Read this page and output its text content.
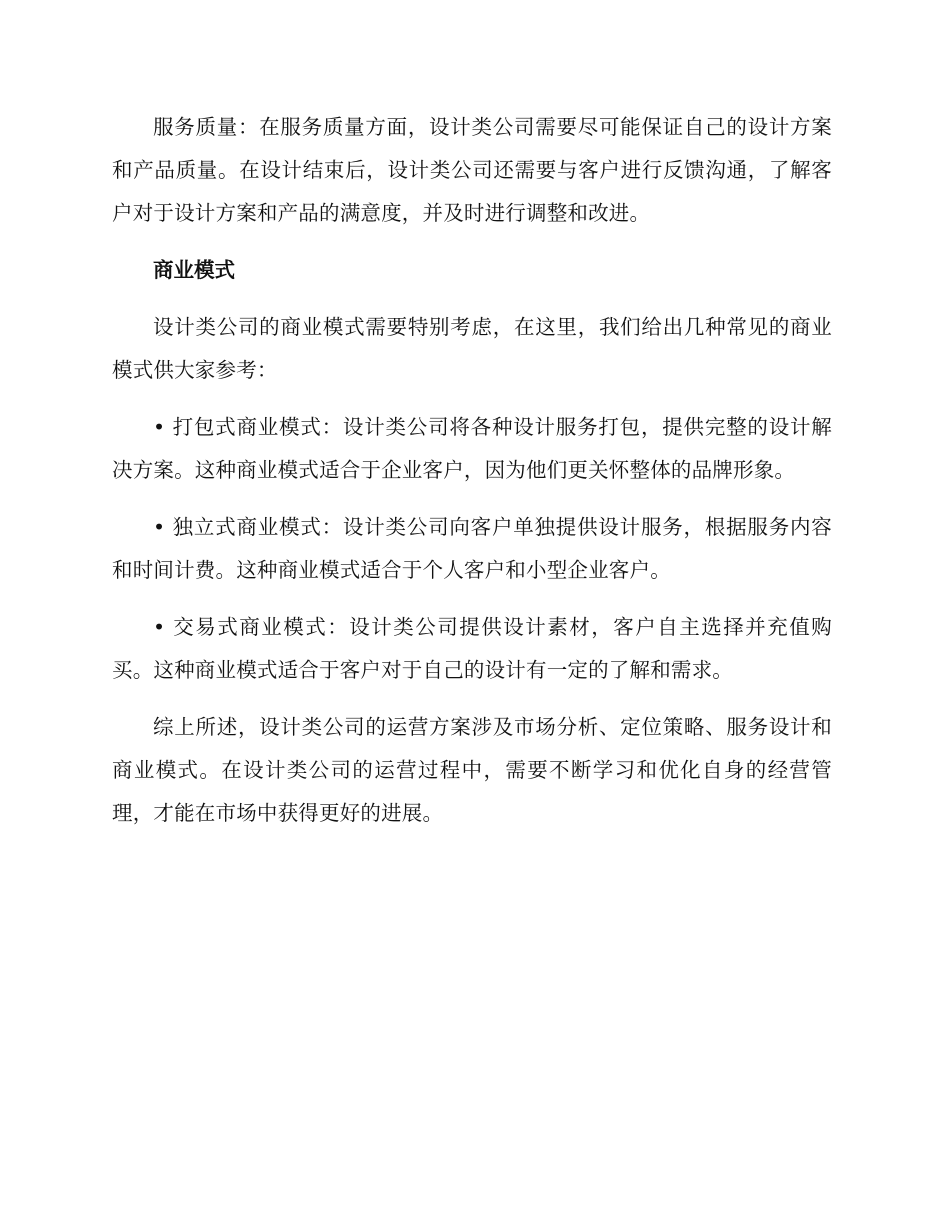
服务质量：在服务质量方面，设计类公司需要尽可能保证自己的设计方案和产品质量。在设计结束后，设计类公司还需要与客户进行反馈沟通，了解客户对于设计方案和产品的满意度，并及时进行调整和改进。

商业模式

设计类公司的商业模式需要特别考虑，在这里，我们给出几种常见的商业模式供大家参考：

• 打包式商业模式：设计类公司将各种设计服务打包，提供完整的设计解决方案。这种商业模式适合于企业客户，因为他们更关怀整体的品牌形象。

• 独立式商业模式：设计类公司向客户单独提供设计服务，根据服务内容和时间计费。这种商业模式适合于个人客户和小型企业客户。

• 交易式商业模式：设计类公司提供设计素材，客户自主选择并充值购买。这种商业模式适合于客户对于自己的设计有一定的了解和需求。

综上所述，设计类公司的运营方案涉及市场分析、定位策略、服务设计和商业模式。在设计类公司的运营过程中，需要不断学习和优化自身的经营管理，才能在市场中获得更好的进展。
